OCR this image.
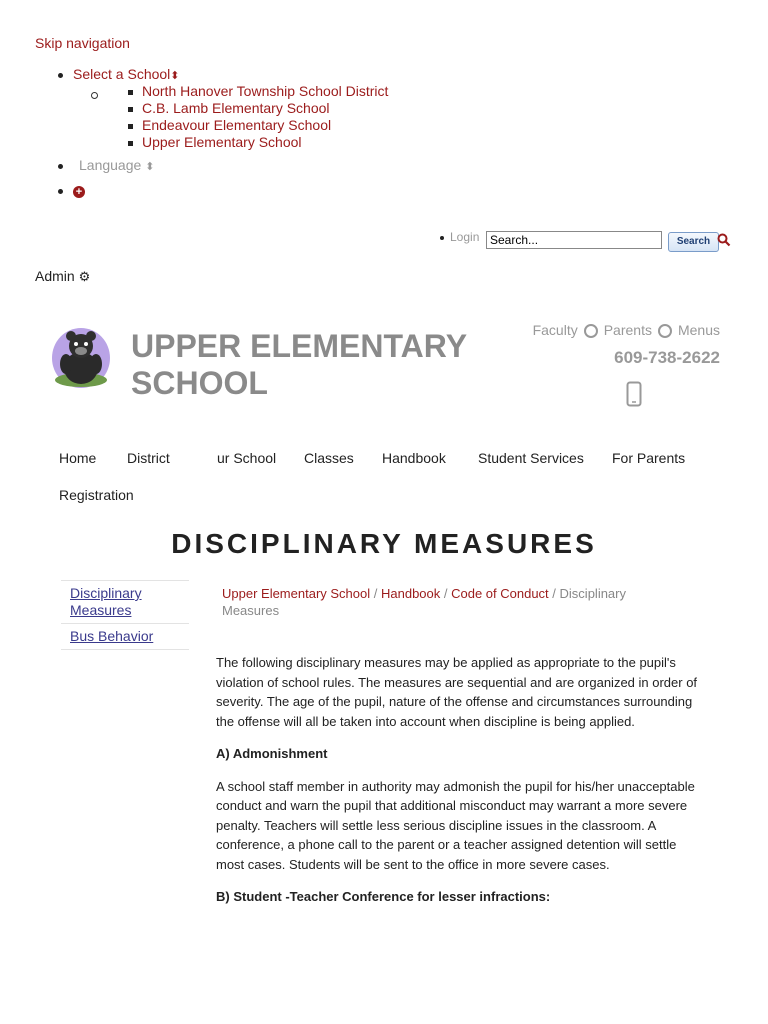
Skip navigation
Select a School⬍
North Hanover Township School District
C.B. Lamb Elementary School
Endeavour Elementary School
Upper Elementary School
Language ⬍
+
Login
Search...	Search
Admin ⚙
UPPER ELEMENTARY
SCHOOL
Faculty Parents Menus
609-738-2622
Home District	ur School Classes Handbook Student Services For Parents
Registration
DISCIPLINARY MEASURES
Disciplinary Measures
Bus Behavior
Upper Elementary School / Handbook / Code of Conduct / Disciplinary Measures

The following disciplinary measures may be applied as appropriate to the pupil's violation of school rules. The measures are sequential and are organized in order of severity. The age of the pupil, nature of the offense and circumstances surrounding the offense will all be taken into account when discipline is being applied.

A) Admonishment

A school staff member in authority may admonish the pupil for his/her unacceptable conduct and warn the pupil that additional misconduct may warrant a more severe penalty. Teachers will settle less serious discipline issues in the classroom. A conference, a phone call to the parent or a teacher assigned detention will settle most cases. Students will be sent to the office in more severe cases.

B) Student -Teacher Conference for lesser infractions:
